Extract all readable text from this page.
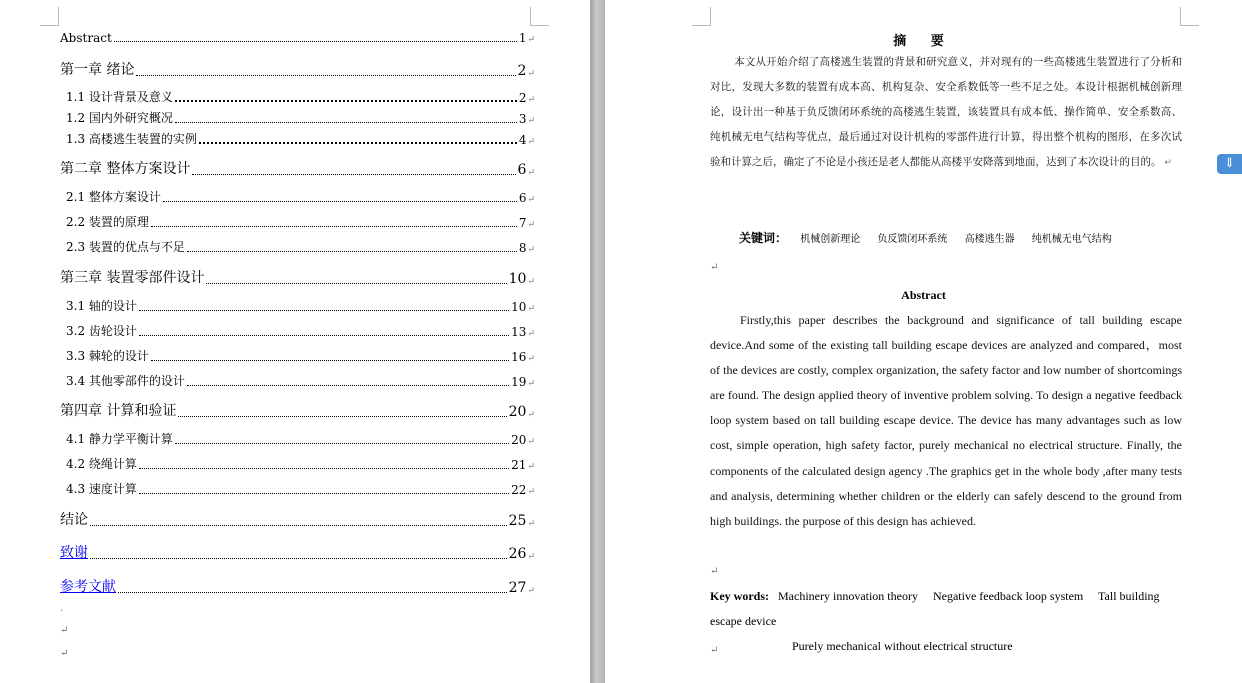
Abstract	1 ↵
第一章 绪论	2 ↵
1.1 设计背景及意义	2 ↵
1.2 国内外研究概况	3 ↵
1.3 高楼逃生装置的实例	4 ↵
第二章 整体方案设计	6 ↵
2.1 整体方案设计	6 ↵
2.2 装置的原理	7 ↵
2.3 装置的优点与不足	8 ↵
第三章 装置零部件设计	10 ↵
3.1 轴的设计	10 ↵
3.2 齿轮设计	13 ↵
3.3 棘轮的设计	16 ↵
3.4 其他零部件的设计	19 ↵
第四章 计算和验证	20 ↵
4.1 静力学平衡计算	20 ↵
4.2 绕绳计算	21 ↵
4.3 速度计算	22 ↵
结论	25 ↵
致谢	26 ↵
参考文献	27 ↵
.
↵
↵
摘 要
本文从开始介绍了高楼逃生装置的背景和研究意义，并对现有的一些高楼逃生装置进行了分析和对比，发现大多数的装置有成本高、机构复杂、安全系数低等一些不足之处。本设计根据机械创新理论，设计出一种基于负反馈闭环系统的高楼逃生装置，该装置具有成本低、操作简单、安全系数高、纯机械无电气结构等优点，最后通过对设计机构的零部件进行计算，得出整个机构的图形，在多次试验和计算之后，确定了不论是小孩还是老人都能从高楼平安降落到地面，达到了本次设计的目的。 ↵
关键词： 机械创新理论 负反馈闭环系统 高楼逃生器 纯机械无电气结构
↵
Abstract
Firstly,this paper describes the background and significance of tall building escape device.And some of the existing tall building escape devices are analyzed and compared，most of the devices are costly, complex organization, the safety factor and low number of shortcomings are found. The design applied theory of inventive problem solving. To design a negative feedback loop system based on tall building escape device. The device has many advantages such as low cost, simple operation, high safety factor, purely mechanical no electrical structure. Finally, the components of the calculated design agency .The graphics get in the whole body ,after many tests and analysis, determining whether children or the elderly can safely descend to the ground from high buildings. the purpose of this design has achieved.
↵
Key words: Machinery innovation theory Negative feedback loop system Tall building escape device
Purely mechanical without electrical structure
↵
⇓
